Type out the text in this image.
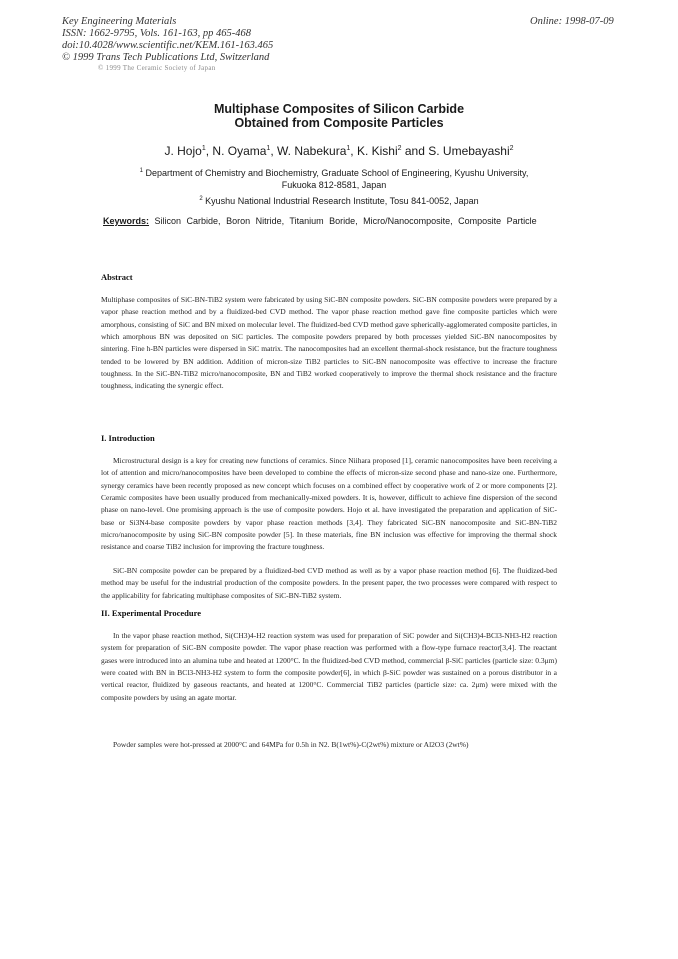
Key Engineering Materials
ISSN: 1662-9795, Vols. 161-163, pp 465-468
doi:10.4028/www.scientific.net/KEM.161-163.465
© 1999 Trans Tech Publications Ltd, Switzerland
Online: 1998-07-09
© 1999 The Ceramic Society of Japan
Multiphase Composites of Silicon Carbide
Obtained from Composite Particles
J. Hojo$^1$, N. Oyama$^1$, W. Nabekura$^1$, K. Kishi$^2$ and S. Umebayashi$^2$
$^1$ Department of Chemistry and Biochemistry, Graduate School of Engineering, Kyushu University,
Fukuoka 812-8581, Japan
$^2$ Kyushu National Industrial Research Institute, Tosu 841-0052, Japan
Keywords: Silicon Carbide, Boron Nitride, Titanium Boride, Micro/Nanocomposite, Composite Particle
Abstract
Multiphase composites of SiC-BN-TiB2 system were fabricated by using SiC-BN composite powders. SiC-BN composite powders were prepared by a vapor phase reaction method and by a fluidized-bed CVD method. The vapor phase reaction method gave fine composite particles which were amorphous, consisting of SiC and BN mixed on molecular level. The fluidized-bed CVD method gave spherically-agglomerated composite particles, in which amorphous BN was deposited on SiC particles. The composite powders prepared by both processes yielded SiC-BN nanocomposites by sintering. Fine h-BN particles were dispersed in SiC matrix. The nanocomposites had an excellent thermal-shock resistance, but the fracture toughness tended to be lowered by BN addition. Addition of micron-size TiB2 particles to SiC-BN nanocomposite was effective to increase the fracture toughness. In the SiC-BN-TiB2 micro/nanocomposite, BN and TiB2 worked cooperatively to improve the thermal shock resistance and the fracture toughness, indicating the synergic effect.
I. Introduction
Microstructural design is a key for creating new functions of ceramics. Since Niihara proposed [1], ceramic nanocomposites have been receiving a lot of attention and micro/nanocomposites have been developed to combine the effects of micron-size second phase and nano-size one. Furthermore, synergy ceramics have been recently proposed as new concept which focuses on a combined effect by cooperative work of 2 or more components [2]. Ceramic composites have been usually produced from mechanically-mixed powders. It is, however, difficult to achieve fine dispersion of the second phase on nano-level. One promising approach is the use of composite powders. Hojo et al. have investigated the preparation and application of SiC-base or Si3N4-base composite powders by vapor phase reaction methods [3,4]. They fabricated SiC-BN nanocomposite and SiC-BN-TiB2 micro/nanocomposite by using SiC-BN composite powder [5]. In these materials, fine BN inclusion was effective for improving the thermal shock resistance and coarse TiB2 inclusion for improving the fracture toughness.
SiC-BN composite powder can be prepared by a fluidized-bed CVD method as well as by a vapor phase reaction method [6]. The fluidized-bed method may be useful for the industrial production of the composite powders. In the present paper, the two processes were compared with respect to the applicability for fabricating multiphase composites of SiC-BN-TiB2 system.
II. Experimental Procedure
In the vapor phase reaction method, Si(CH3)4-H2 reaction system was used for preparation of SiC powder and Si(CH3)4-BCl3-NH3-H2 reaction system for preparation of SiC-BN composite powder. The vapor phase reaction was performed with a flow-type furnace reactor[3,4]. The reactant gases were introduced into an alumina tube and heated at 1200°C. In the fluidized-bed CVD method, commercial β-SiC particles (particle size: 0.3μm) were coated with BN in BCl3-NH3-H2 system to form the composite powder[6], in which β-SiC powder was sustained on a porous distributor in a vertical reactor, fluidized by gaseous reactants, and heated at 1200°C. Commercial TiB2 particles (particle size: ca. 2μm) were mixed with the composite powders by using an agate mortar.
Powder samples were hot-pressed at 2000°C and 64MPa for 0.5h in N2. B(1wt%)-C(2wt%) mixture or Al2O3 (2wt%)
